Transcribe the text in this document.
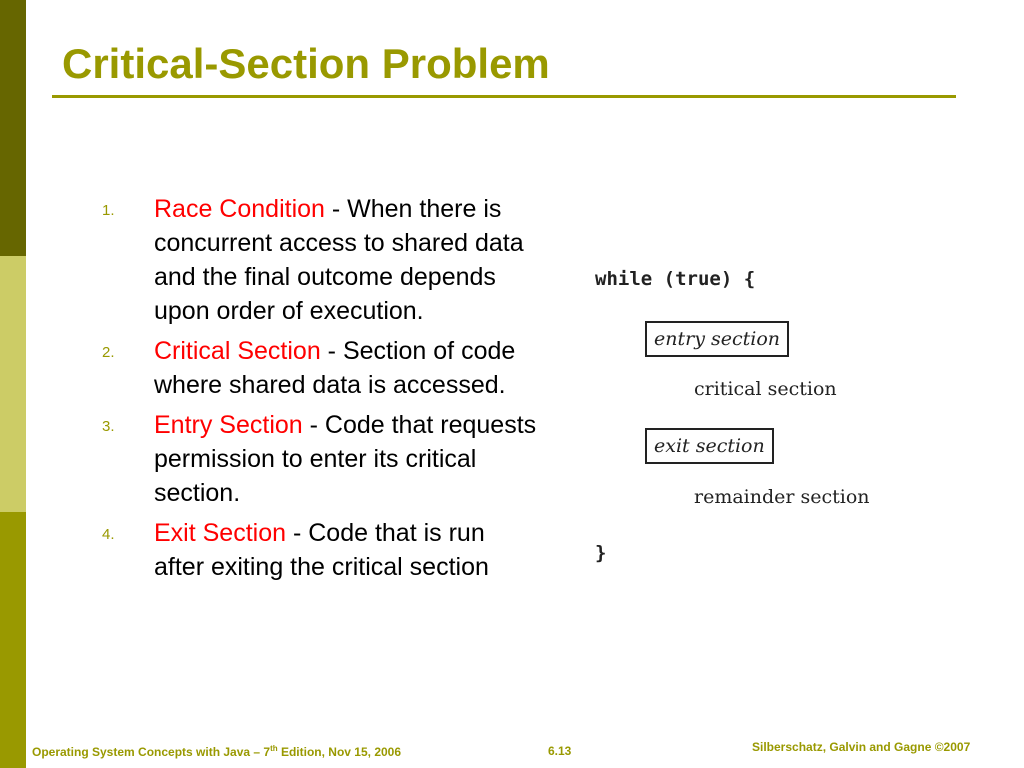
Critical-Section Problem
1. Race Condition - When there is concurrent access to shared data and the final outcome depends upon order of execution.
2. Critical Section - Section of code where shared data is accessed.
3. Entry Section - Code that requests permission to enter its critical section.
4. Exit Section - Code that is run after exiting the critical section
while (true) {
entry section
critical section
exit section
remainder section
}
Operating System Concepts with Java – 7th Edition, Nov 15, 2006	6.13	Silberschatz, Galvin and Gagne ©2007
